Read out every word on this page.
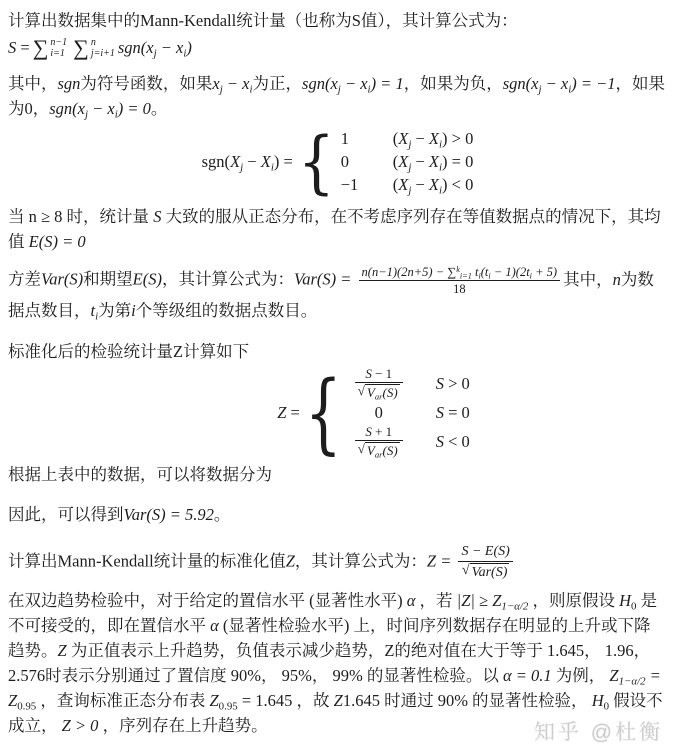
计算出数据集中的Mann-Kendall统计量（也称为S值），其计算公式为：

S = ∑ n−1
i=1 ∑ n
j=i+1 $sgn(x_j - x_i)$

其中，sgn为符号函数，如果$x_j - x_i$为正，$sgn(x_j - x_i) = 1$，如果为负，$sgn(x_j - x_i) = -1$，如果为0，$sgn(x_j - x_i) = 0$。

$sgn(X_j - X_i)$ = { 1	$(X_j - X_i) > 0$
0	$(X_j - X_i) = 0$
−1	$(X_j - X_i) < 0$

当 n ≥ 8 时，统计量 S 大致的服从正态分布，在不考虑序列存在等值数据点的情况下，其均值 E(S) = 0

方差Var(S)和期望E(S)，其计算公式为：$Var(S) = \frac{n(n-1)(2n+5) - \sum^k_{i=1} t_i(t_i - 1)(2t_i + 5)}{18}$ 其中，n为数据点数目，$t_i$为第i个等级组的数据点数目。

标准化后的检验统计量Z计算如下

Z = { $\frac{S - 1}{√ V_{ar}(S)}$ S > 0
0	S = 0
$\frac{S + 1}{√ V_{ar}(S)}$ S < 0

根据上表中的数据，可以将数据分为

因此，可以得到Var(S) = 5.92。

计算出Mann-Kendall统计量的标准化值Z，其计算公式为：$Z = \frac{S - E(S)}{\text{√ Var(S)}}$

在双边趋势检验中，对于给定的置信水平 (显著性水平) α ，若 $|Z| \ge Z_{1-\alpha/2}$ ，则原假设 $H_0$ 是不可接受的，即在置信水平 α (显著性检验水平) 上，时间序列数据存在明显的上升或下降趋势。Z 为正值表示上升趋势，负值表示减少趋势，Z的绝对值在大于等于 1.645， 1.96， 2.576时表示分别通过了置信度 90%， 95%， 99% 的显著性检验。以 α = 0.1 为例， $Z_{1-\alpha/2} = Z_{0.95}$ ，查询标准正态分布表 $Z_{0.95} = 1.645$ ，故 Z1.645 时通过 90% 的显著性检验， $H_0$ 假设不成立， Z > 0 ，序列存在上升趋势。	知乎 @杜衡
